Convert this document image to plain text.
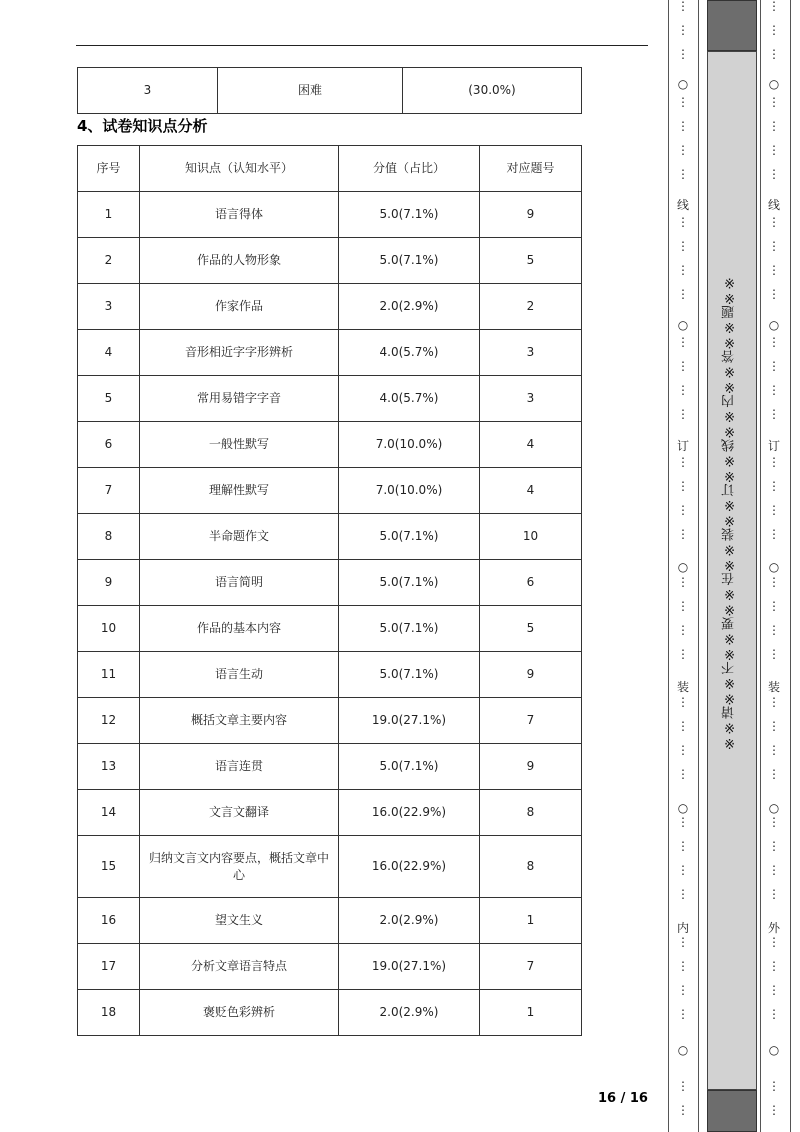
3	困难	(30.0%)
4、试卷知识点分析
序号	知识点（认知水平）	分值（占比）	对应题号
1	语言得体	5.0(7.1%)	9
2	作品的人物形象	5.0(7.1%)	5
3	作家作品	2.0(2.9%)	2
4	音形相近字字形辨析	4.0(5.7%)	3
5	常用易错字字音	4.0(5.7%)	3
6	一般性默写	7.0(10.0%)	4
7	理解性默写	7.0(10.0%)	4
8	半命题作文	5.0(7.1%)	10
9	语言简明	5.0(7.1%)	6
10	作品的基本内容	5.0(7.1%)	5
11	语言生动	5.0(7.1%)	9
12	概括文章主要内容	19.0(27.1%)	7
13	语言连贯	5.0(7.1%)	9
14	文言文翻译	16.0(22.9%)	8
15	归纳文言文内容要点，概括文章中心	16.0(22.9%)	8
16	望文生义	2.0(2.9%)	1
17	分析文章语言特点	19.0(27.1%)	7
18	褒贬色彩辨析	2.0(2.9%)	1
16 / 16
○
○
○
○
○
线
订
装
内
⋮
⋮
⋮
⋮
⋮
⋮
⋮
⋮
⋮
⋮
⋮
⋮
⋮
⋮
⋮
⋮
⋮
⋮
⋮
⋮
⋮
⋮
⋮
⋮
⋮
⋮
⋮
⋮
⋮
⋮
⋮
⋮
⋮
⋮
⋮
⋮
⋮
○
○
○
○
○
线
订
装
外
⋮
⋮
⋮
⋮
⋮
⋮
⋮
⋮
⋮
⋮
⋮
⋮
⋮
⋮
⋮
⋮
⋮
⋮
⋮
⋮
⋮
⋮
⋮
⋮
⋮
⋮
⋮
⋮
⋮
⋮
⋮
⋮
⋮
⋮
⋮
⋮
⋮
※※请※※不※※要※※在※※装※※订※※线※※内※※答※※题※※
